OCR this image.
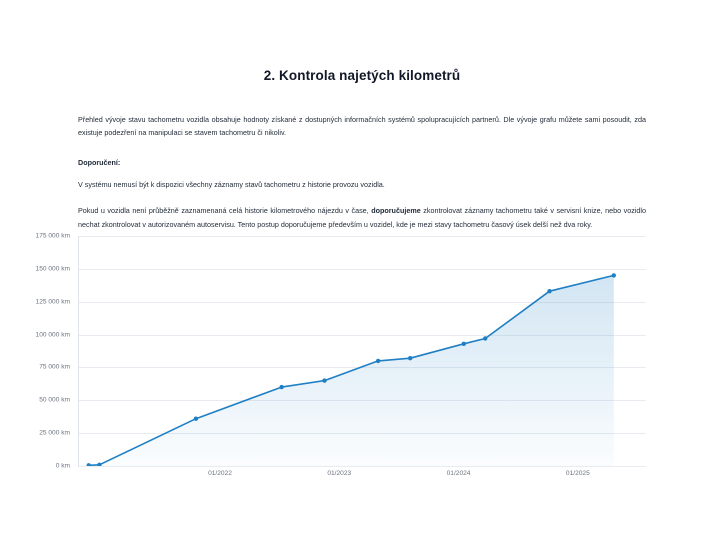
2. Kontrola najetých kilometrů

Přehled vývoje stavu tachometru vozidla obsahuje hodnoty získané z dostupných informačních systémů spolupracujících partnerů. Dle vývoje grafu můžete sami posoudit, zda existuje podezření na manipulaci se stavem tachometru či nikoliv.

Doporučení:

V systému nemusí být k dispozici všechny záznamy stavů tachometru z historie provozu vozidla.

Pokud u vozidla není průběžně zaznamenaná celá historie kilometrového nájezdu v čase, doporučujeme zkontrolovat záznamy tachometru také v servisní knize, nebo vozidlo nechat zkontrolovat v autorizovaném autoservisu. Tento postup doporučujeme především u vozidel, kde je mezi stavy tachometru časový úsek delší než dva roky.

0 km
25 000 km
50 000 km
75 000 km
100 000 km
125 000 km
150 000 km
175 000 km
01/2022	01/2023	01/2024	01/2025
